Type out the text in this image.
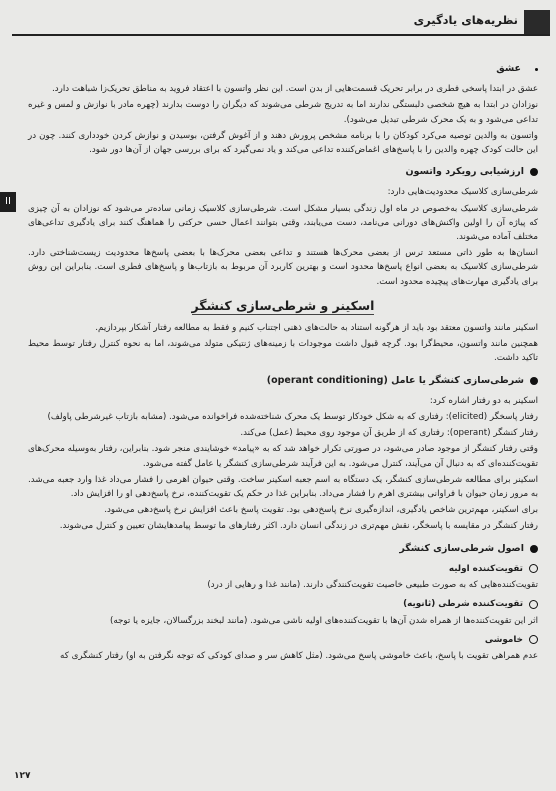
نظریه‌های یادگیری
II
عشق

عشق در ابتدا پاسخی فطری در برابر تحریک قسمت‌هایی از بدن است. این نظر واتسون با اعتقاد فروید به مناطق تحریک‌زا شباهت دارد.

نوزادان در ابتدا به هیچ شخصی دلبستگی ندارند اما به تدریج شرطی می‌شوند که دیگران را دوست بدارند (چهره مادر با نوازش و لمس و غیره تداعی می‌شود و به یک محرک شرطی تبدیل می‌شود).

واتسون به والدین توصیه می‌کرد کودکان را با برنامه مشخص پرورش دهند و از آغوش گرفتن، بوسیدن و نوازش کردن خودداری کنند. چون در این حالت کودک چهره والدین را با پاسخ‌های اغماض‌کننده تداعی می‌کند و یاد نمی‌گیرد که برای بررسی جهان از آن‌ها دور شود.

ارزشیابی رویکرد واتسون

شرطی‌سازی کلاسیک محدودیت‌هایی دارد:

شرطی‌سازی کلاسیک به‌خصوص در ماه اول زندگی بسیار مشکل است. شرطی‌سازی کلاسیک زمانی ساده‌تر می‌شود که نوزادان به آن چیزی که پیاژه آن را اولین واکنش‌های دورانی می‌نامد، دست می‌یابند، وقتی بتوانند اعمال حسی حرکتی را هماهنگ کنند برای یادگیری تداعی‌های مختلف آماده می‌شوند.

انسان‌ها به طور ذاتی مستعد ترس از بعضی محرک‌ها هستند و تداعی بعضی محرک‌ها با بعضی پاسخ‌ها محدودیت زیست‌شناختی دارد. شرطی‌سازی کلاسیک به بعضی انواع پاسخ‌ها محدود است و بهترین کاربرد آن مربوط به بازتاب‌ها و پاسخ‌های فطری است. بنابراین این روش برای یادگیری مهارت‌های پیچیده محدود است.

اسکینر و شرطی‌سازی کنشگر

اسکینر مانند واتسون معتقد بود باید از هرگونه استناد به حالت‌های ذهنی اجتناب کنیم و فقط به مطالعه رفتار آشکار بپردازیم.

همچنین مانند واتسون، محیط‌گرا بود. گرچه قبول داشت موجودات با زمینه‌های ژنتیکی متولد می‌شوند، اما به نحوه کنترل رفتار توسط محیط تاکید داشت.

شرطی‌سازی کنشگر یا عامل (operant conditioning)

اسکینر به دو رفتار اشاره کرد:

رفتار پاسخگر (elicited): رفتاری که به شکل خودکار توسط یک محرک شناخته‌شده فراخوانده می‌شود. (مشابه بازتاب غیرشرطی پاولف)

رفتار کنشگر (operant): رفتاری که از طریق آن موجود روی محیط (عمل) می‌کند.

وقتی رفتار کنشگر از موجود صادر می‌شود، در صورتی تکرار خواهد شد که به «پیامد» خوشایندی منجر شود. بنابراین، رفتار به‌وسیله محرک‌های تقویت‌کننده‌ای که به دنبال آن می‌آیند، کنترل می‌شود. به این فرآیند شرطی‌سازی کنشگر یا عامل گفته می‌شود.

اسکینر برای مطالعه شرطی‌سازی کنشگر، یک دستگاه به اسم جعبه اسکینر ساخت. وقتی حیوان اهرمی را فشار می‌داد غذا وارد جعبه می‌شد. به مرور زمان حیوان با فراوانی بیشتری اهرم را فشار می‌داد. بنابراین غذا در حکم یک تقویت‌کننده، نرخ پاسخ‌دهی او را افزایش داد.

برای اسکینر، مهم‌ترین شاخص یادگیری، اندازه‌گیری نرخ پاسخ‌دهی بود. تقویت پاسخ باعث افزایش نرخ پاسخ‌دهی می‌شود.

رفتار کنشگر در مقایسه با پاسخگر، نقش مهم‌تری در زندگی انسان دارد. اکثر رفتارهای ما توسط پیامدهایشان تعیین و کنترل می‌شوند.

اصول شرطی‌سازی کنشگر
تقویت‌کننده اولیه

تقویت‌کننده‌هایی که به صورت طبیعی خاصیت تقویت‌کنندگی دارند. (مانند غذا و رهایی از درد)

تقویت‌کننده شرطی (ثانویه)

اثر این تقویت‌کننده‌ها از همراه شدن آن‌ها با تقویت‌کننده‌های اولیه ناشی می‌شود. (مانند لبخند بزرگسالان، جایزه یا توجه)

خاموشی

عدم همراهی تقویت با پاسخ، باعث خاموشی پاسخ می‌شود. (مثل کاهش سر و صدای کودکی که توجه نگرفتن به او) رفتار کنشگری که

۱۲۷
